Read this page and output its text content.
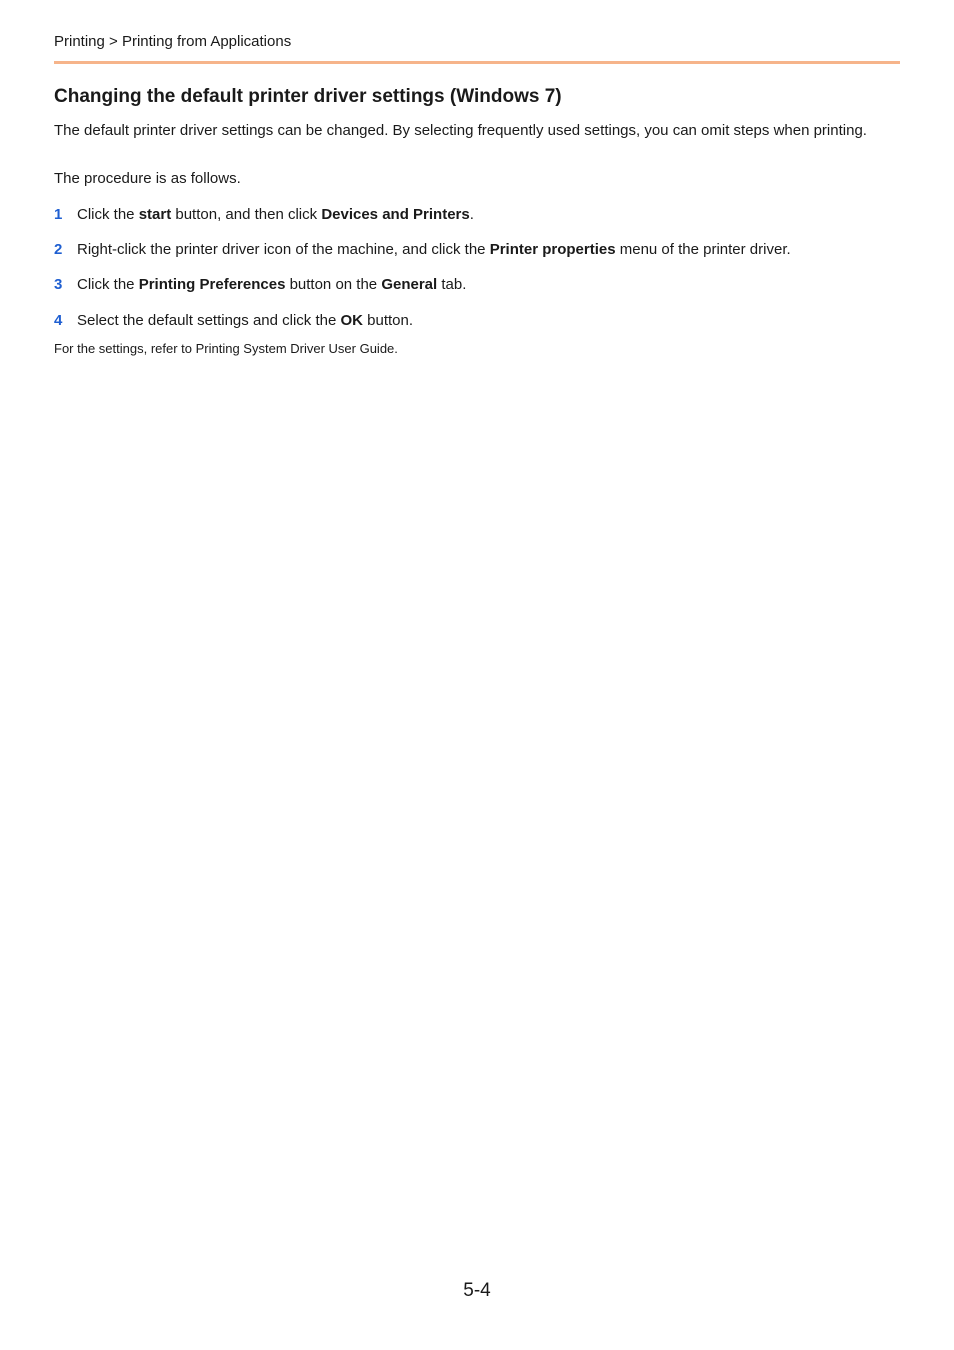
Printing > Printing from Applications
Changing the default printer driver settings (Windows 7)

The default printer driver settings can be changed. By selecting frequently used settings, you can omit steps when printing.

The procedure is as follows.

1 Click the start button, and then click Devices and Printers.
2 Right-click the printer driver icon of the machine, and click the Printer properties menu of the printer driver.
3 Click the Printing Preferences button on the General tab.
4 Select the default settings and click the OK button.

For the settings, refer to Printing System Driver User Guide.

5-4
